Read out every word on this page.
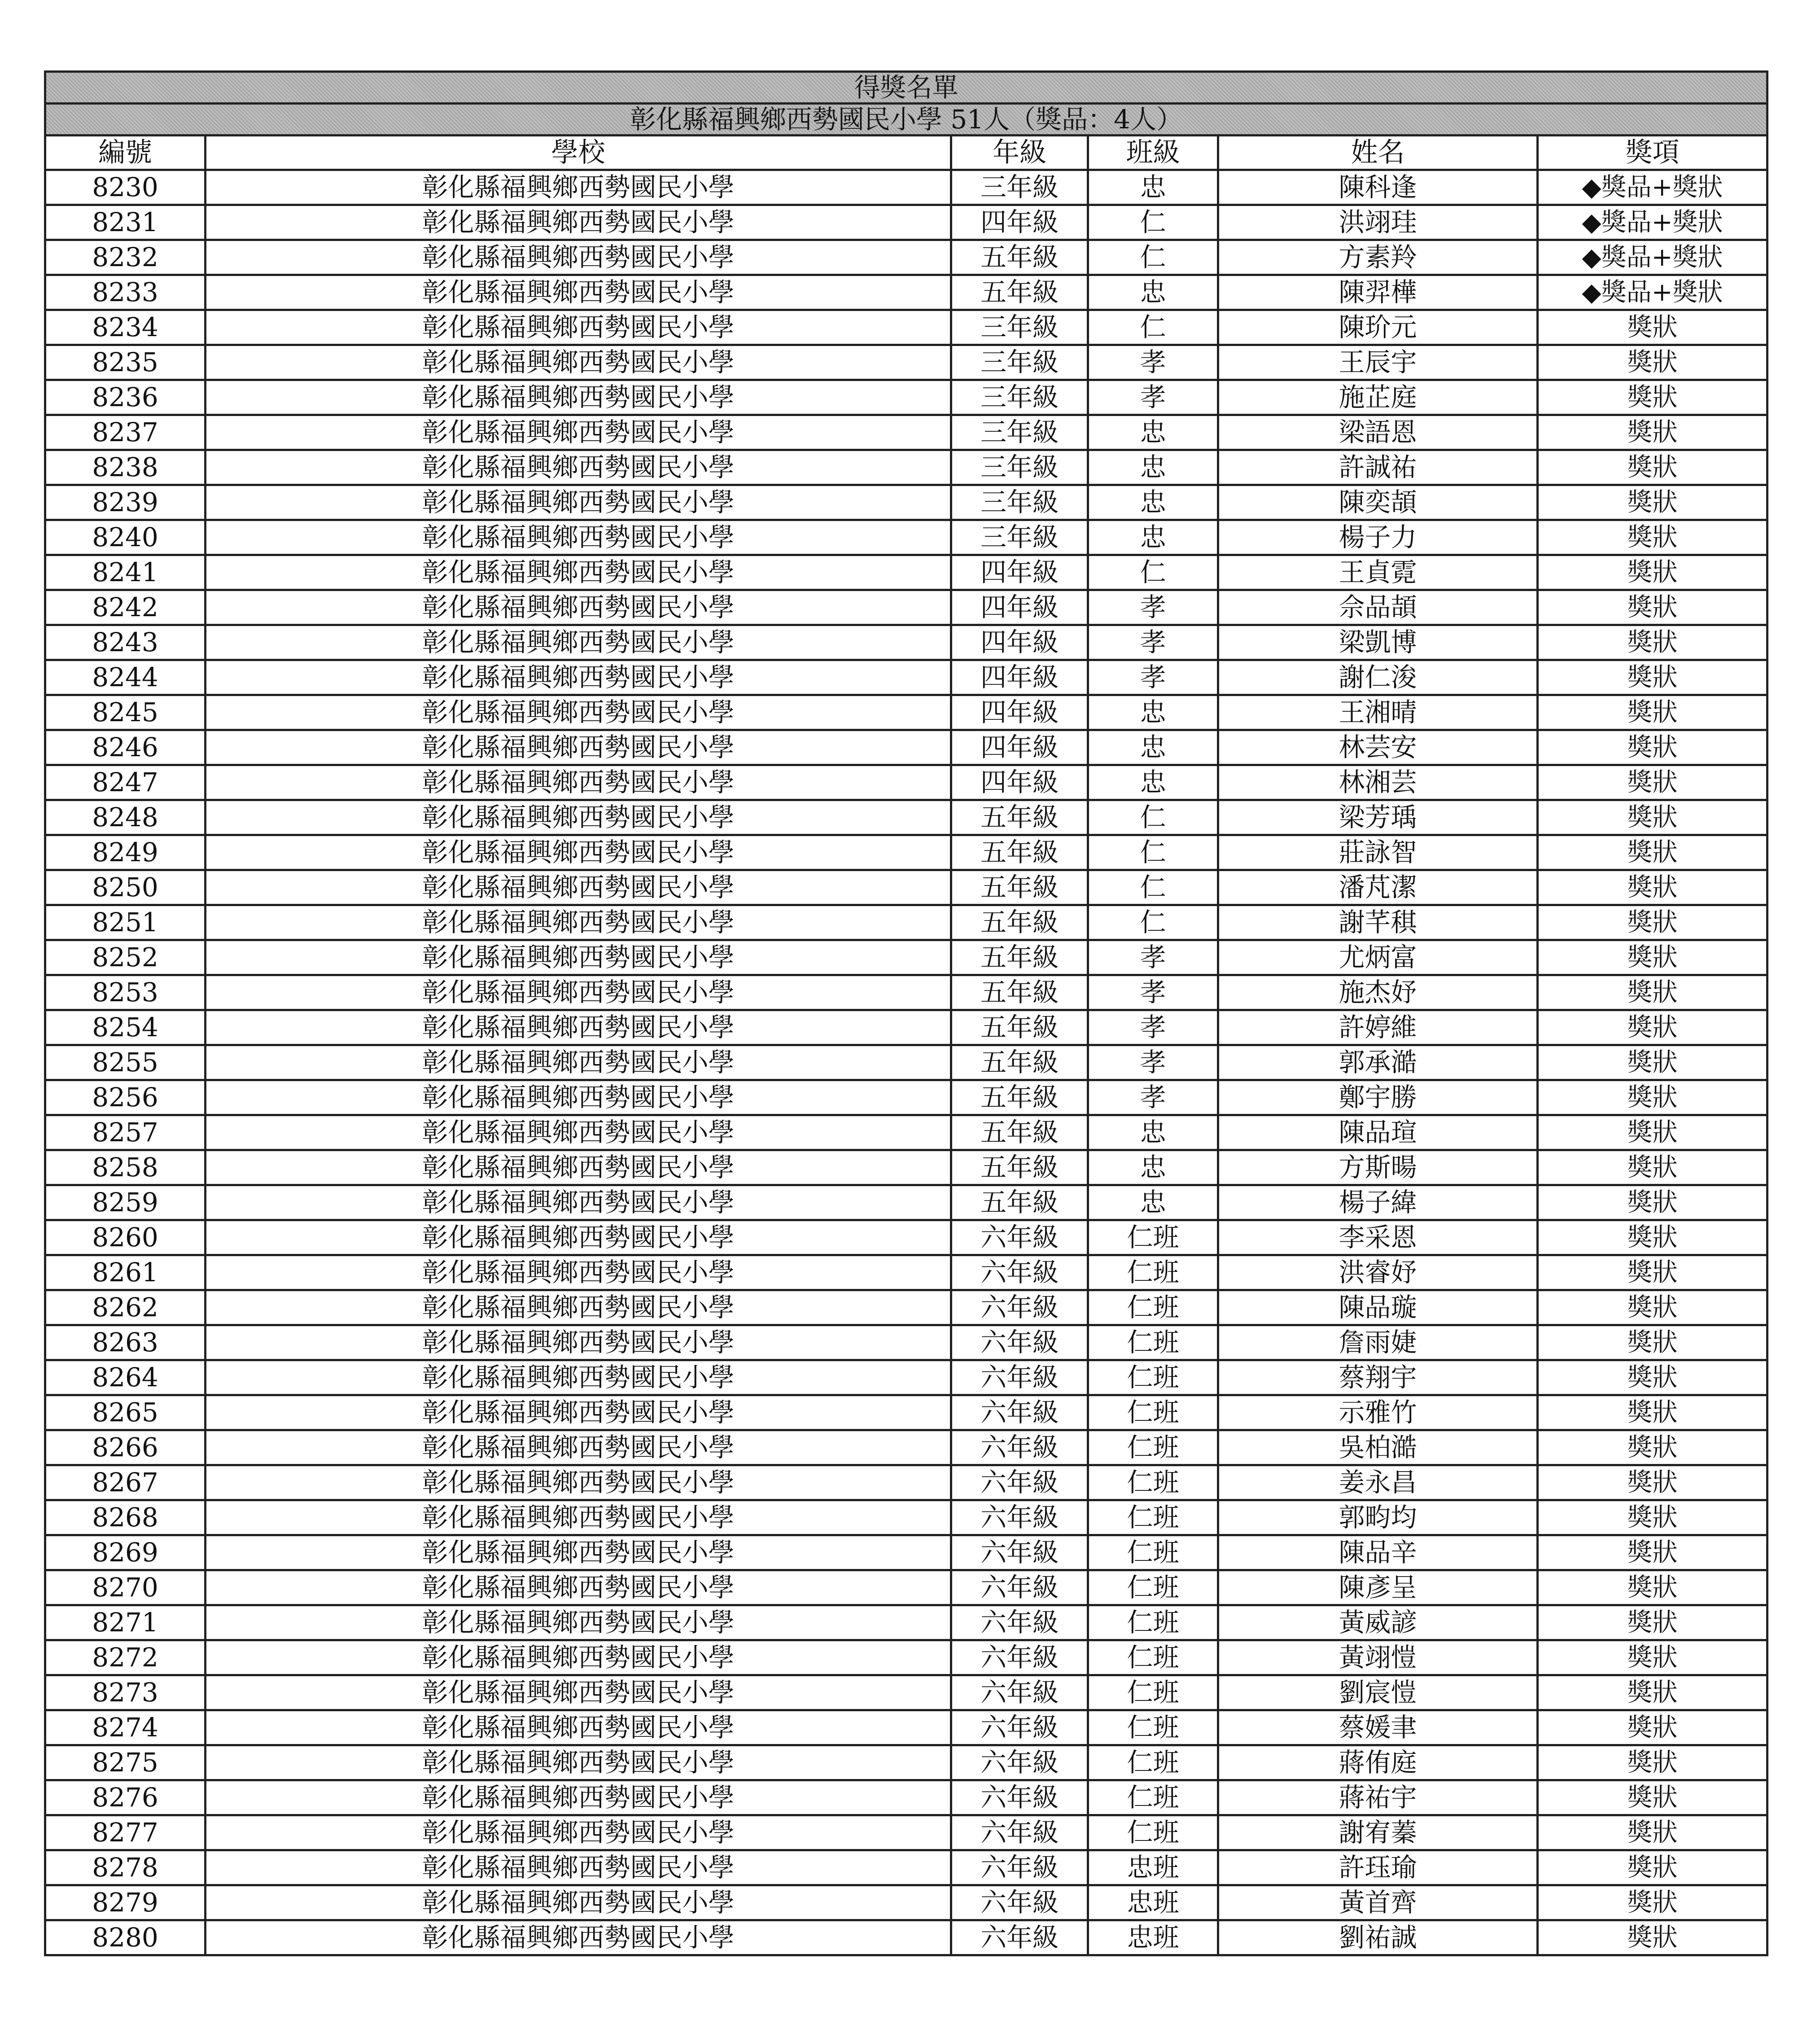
得獎名單					
彰化縣福興鄉西勢國民小學 51人（獎品：4人）					
編號	學校	年級	班級	姓名	獎項
8230	彰化縣福興鄉西勢國民小學	三年級	忠	陳科逢	◆獎品+獎狀
8231	彰化縣福興鄉西勢國民小學	四年級	仁	洪翊珪	◆獎品+獎狀
8232	彰化縣福興鄉西勢國民小學	五年級	仁	方素羚	◆獎品+獎狀
8233	彰化縣福興鄉西勢國民小學	五年級	忠	陳羿樺	◆獎品+獎狀
8234	彰化縣福興鄉西勢國民小學	三年級	仁	陳玠元	獎狀
8235	彰化縣福興鄉西勢國民小學	三年級	孝	王辰宇	獎狀
8236	彰化縣福興鄉西勢國民小學	三年級	孝	施芷庭	獎狀
8237	彰化縣福興鄉西勢國民小學	三年級	忠	梁語恩	獎狀
8238	彰化縣福興鄉西勢國民小學	三年級	忠	許誠祐	獎狀
8239	彰化縣福興鄉西勢國民小學	三年級	忠	陳奕頡	獎狀
8240	彰化縣福興鄉西勢國民小學	三年級	忠	楊子力	獎狀
8241	彰化縣福興鄉西勢國民小學	四年級	仁	王貞霓	獎狀
8242	彰化縣福興鄉西勢國民小學	四年級	孝	佘品頡	獎狀
8243	彰化縣福興鄉西勢國民小學	四年級	孝	梁凱博	獎狀
8244	彰化縣福興鄉西勢國民小學	四年級	孝	謝仁浚	獎狀
8245	彰化縣福興鄉西勢國民小學	四年級	忠	王湘晴	獎狀
8246	彰化縣福興鄉西勢國民小學	四年級	忠	林芸安	獎狀
8247	彰化縣福興鄉西勢國民小學	四年級	忠	林湘芸	獎狀
8248	彰化縣福興鄉西勢國民小學	五年級	仁	梁芳瑀	獎狀
8249	彰化縣福興鄉西勢國民小學	五年級	仁	莊詠智	獎狀
8250	彰化縣福興鄉西勢國民小學	五年級	仁	潘芃潔	獎狀
8251	彰化縣福興鄉西勢國民小學	五年級	仁	謝芊稘	獎狀
8252	彰化縣福興鄉西勢國民小學	五年級	孝	尤炳富	獎狀
8253	彰化縣福興鄉西勢國民小學	五年級	孝	施杰妤	獎狀
8254	彰化縣福興鄉西勢國民小學	五年級	孝	許婷維	獎狀
8255	彰化縣福興鄉西勢國民小學	五年級	孝	郭承澔	獎狀
8256	彰化縣福興鄉西勢國民小學	五年級	孝	鄭宇勝	獎狀
8257	彰化縣福興鄉西勢國民小學	五年級	忠	陳品瑄	獎狀
8258	彰化縣福興鄉西勢國民小學	五年級	忠	方斯暘	獎狀
8259	彰化縣福興鄉西勢國民小學	五年級	忠	楊子緯	獎狀
8260	彰化縣福興鄉西勢國民小學	六年級	仁班	李采恩	獎狀
8261	彰化縣福興鄉西勢國民小學	六年級	仁班	洪睿妤	獎狀
8262	彰化縣福興鄉西勢國民小學	六年級	仁班	陳品璇	獎狀
8263	彰化縣福興鄉西勢國民小學	六年級	仁班	詹雨婕	獎狀
8264	彰化縣福興鄉西勢國民小學	六年級	仁班	蔡翔宇	獎狀
8265	彰化縣福興鄉西勢國民小學	六年級	仁班	示雅竹	獎狀
8266	彰化縣福興鄉西勢國民小學	六年級	仁班	吳柏澔	獎狀
8267	彰化縣福興鄉西勢國民小學	六年級	仁班	姜永昌	獎狀
8268	彰化縣福興鄉西勢國民小學	六年級	仁班	郭畇均	獎狀
8269	彰化縣福興鄉西勢國民小學	六年級	仁班	陳品辛	獎狀
8270	彰化縣福興鄉西勢國民小學	六年級	仁班	陳彥呈	獎狀
8271	彰化縣福興鄉西勢國民小學	六年級	仁班	黃威諺	獎狀
8272	彰化縣福興鄉西勢國民小學	六年級	仁班	黃翊愷	獎狀
8273	彰化縣福興鄉西勢國民小學	六年級	仁班	劉宸愷	獎狀
8274	彰化縣福興鄉西勢國民小學	六年級	仁班	蔡媛聿	獎狀
8275	彰化縣福興鄉西勢國民小學	六年級	仁班	蔣侑庭	獎狀
8276	彰化縣福興鄉西勢國民小學	六年級	仁班	蔣祐宇	獎狀
8277	彰化縣福興鄉西勢國民小學	六年級	仁班	謝宥蓁	獎狀
8278	彰化縣福興鄉西勢國民小學	六年級	忠班	許珏瑜	獎狀
8279	彰化縣福興鄉西勢國民小學	六年級	忠班	黃首齊	獎狀
8280	彰化縣福興鄉西勢國民小學	六年級	忠班	劉祐誠	獎狀
